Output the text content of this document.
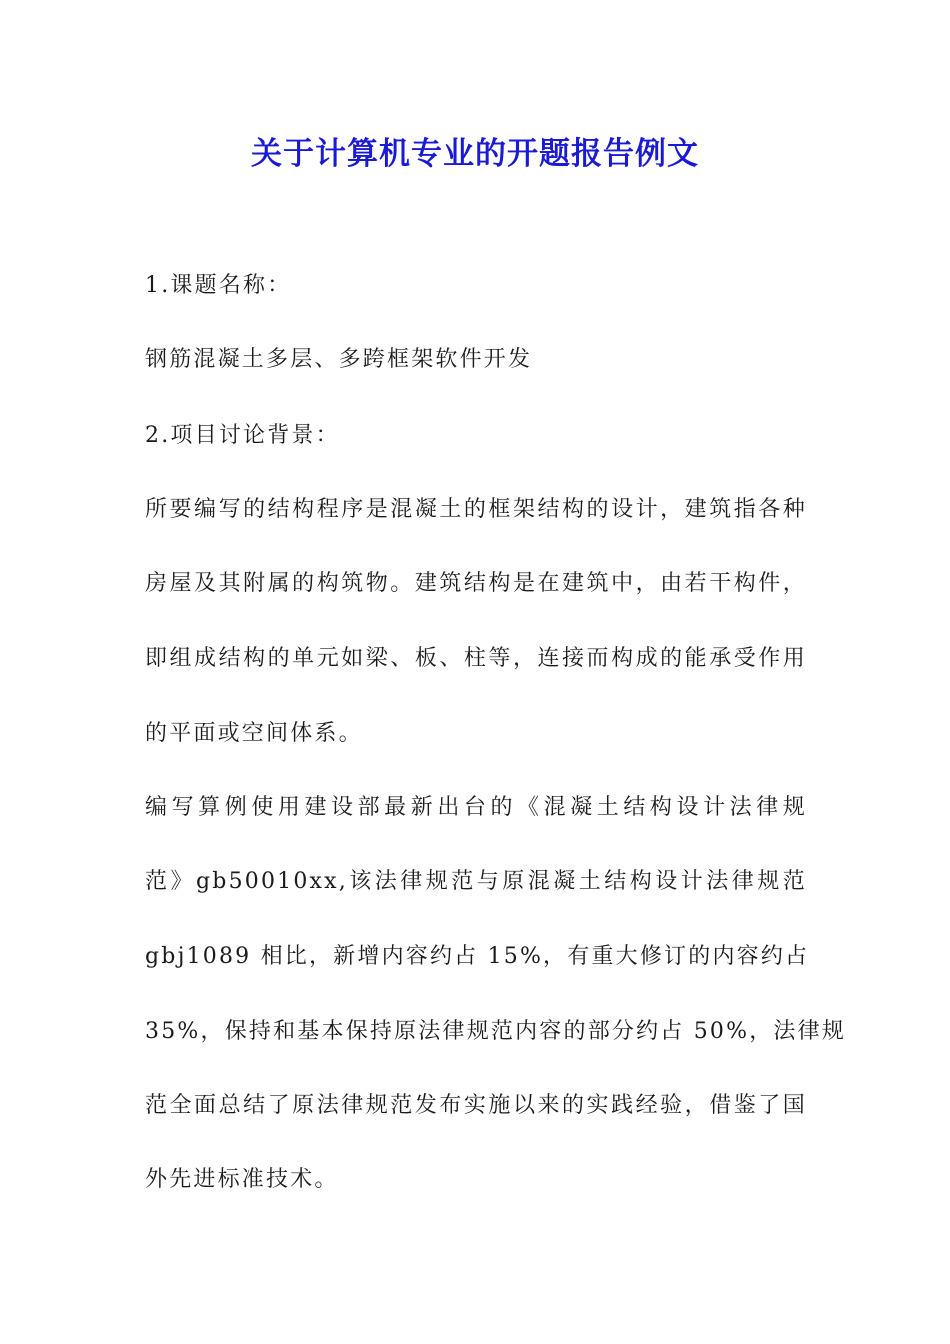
关于计算机专业的开题报告例文
1.课题名称：
钢筋混凝土多层、多跨框架软件开发
2.项目讨论背景：
所要编写的结构程序是混凝土的框架结构的设计，建筑指各种
房屋及其附属的构筑物。建筑结构是在建筑中，由若干构件，
即组成结构的单元如梁、板、柱等，连接而构成的能承受作用
的平面或空间体系。
编写算例使用建设部最新出台的《混凝土结构设计法律规
范》gb50010xx,该法律规范与原混凝土结构设计法律规范
gbj1089 相比，新增内容约占 15%，有重大修订的内容约占
35%，保持和基本保持原法律规范内容的部分约占 50%，法律规
范全面总结了原法律规范发布实施以来的实践经验，借鉴了国
外先进标准技术。
